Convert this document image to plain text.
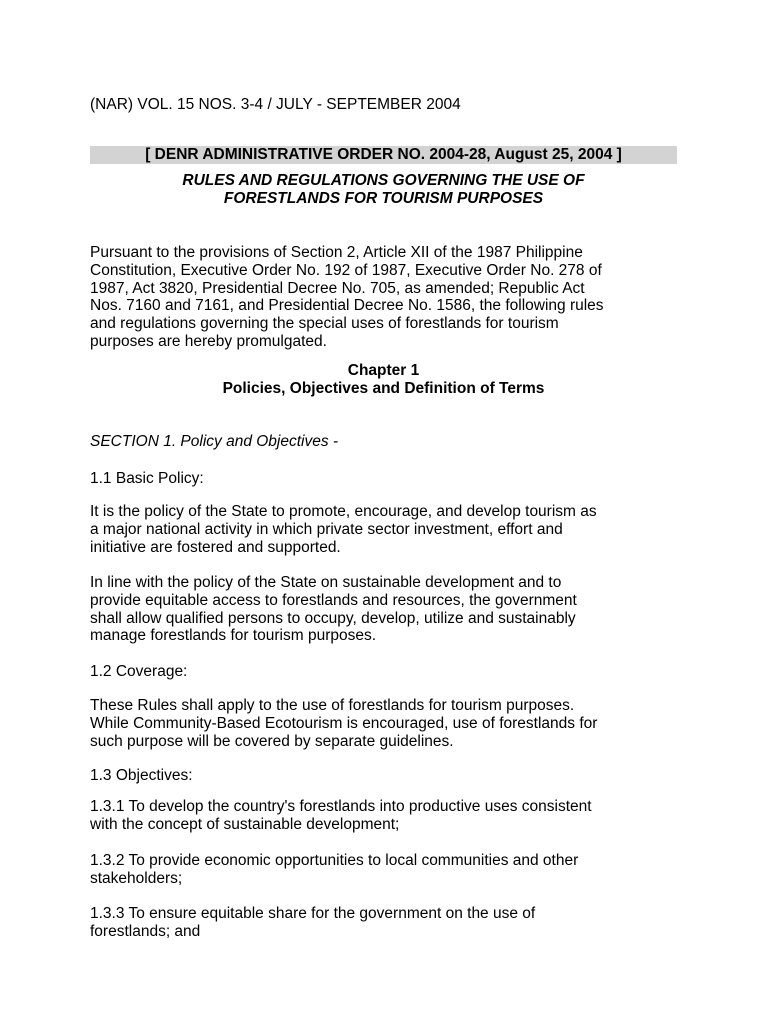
(NAR) VOL. 15 NOS. 3-4 / JULY - SEPTEMBER 2004
[ DENR ADMINISTRATIVE ORDER NO. 2004-28, August 25, 2004 ]
RULES AND REGULATIONS GOVERNING THE USE OF
FORESTLANDS FOR TOURISM PURPOSES
Pursuant to the provisions of Section 2, Article XII of the 1987 Philippine
Constitution, Executive Order No. 192 of 1987, Executive Order No. 278 of
1987, Act 3820, Presidential Decree No. 705, as amended; Republic Act
Nos. 7160 and 7161, and Presidential Decree No. 1586, the following rules
and regulations governing the special uses of forestlands for tourism
purposes are hereby promulgated.
Chapter 1
Policies, Objectives and Definition of Terms
SECTION 1. Policy and Objectives -
1.1 Basic Policy:
It is the policy of the State to promote, encourage, and develop tourism as
a major national activity in which private sector investment, effort and
initiative are fostered and supported.
In line with the policy of the State on sustainable development and to
provide equitable access to forestlands and resources, the government
shall allow qualified persons to occupy, develop, utilize and sustainably
manage forestlands for tourism purposes.
1.2 Coverage:
These Rules shall apply to the use of forestlands for tourism purposes.
While Community-Based Ecotourism is encouraged, use of forestlands for
such purpose will be covered by separate guidelines.
1.3 Objectives:
1.3.1 To develop the country's forestlands into productive uses consistent
with the concept of sustainable development;
1.3.2 To provide economic opportunities to local communities and other
stakeholders;
1.3.3 To ensure equitable share for the government on the use of
forestlands; and
